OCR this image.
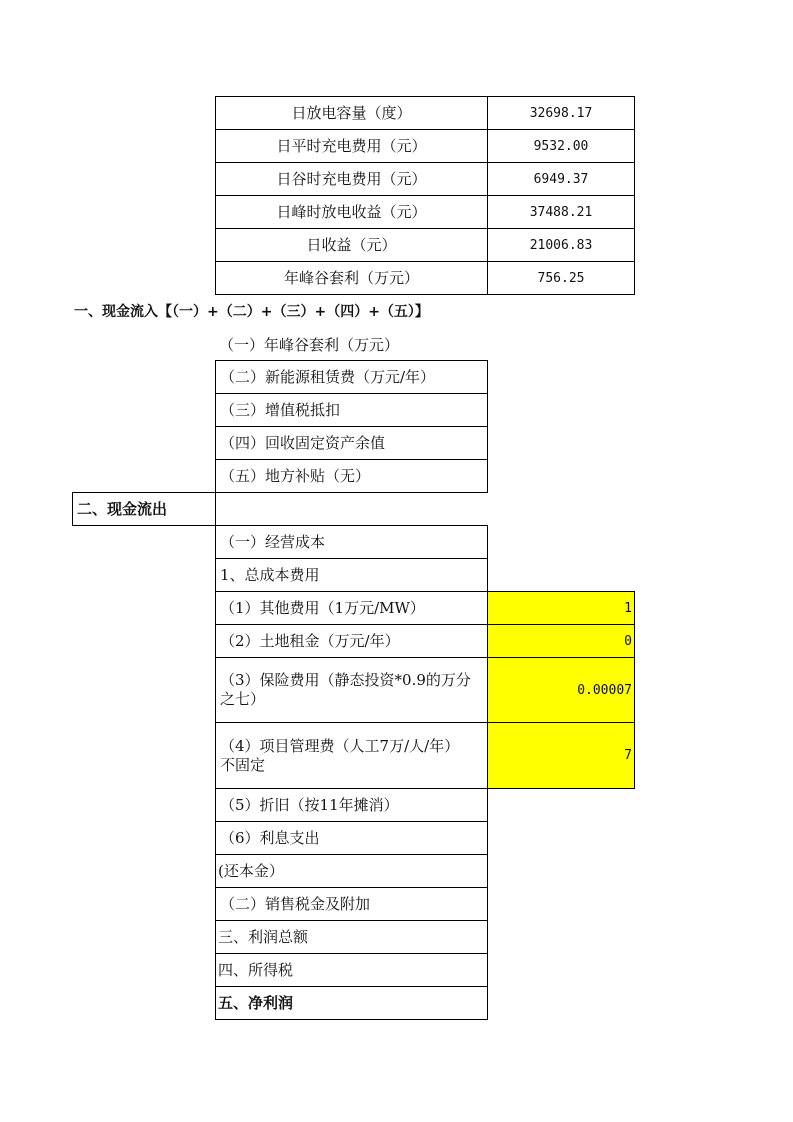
日放电容量（度）	32698.17
日平时充电费用（元）	9532.00
日谷时充电费用（元）	6949.37
日峰时放电收益（元）	37488.21
日收益（元）	21006.83
年峰谷套利（万元）	756.25
一、现金流入【（一）+（二）+（三）+（四）+（五）】
（一）年峰谷套利（万元）
（二）新能源租赁费（万元/年）
（三）增值税抵扣
（四）回收固定资产余值
（五）地方补贴（无）
二、现金流出
（一）经营成本
1、总成本费用
（1）其他费用（1万元/MW）	1
（2）土地租金（万元/年）	0
（3）保险费用（静态投资*0.9的万分之七）	0.00007
（4）项目管理费（人工7万/人/年）不固定	7
（5）折旧（按11年摊消）
（6）利息支出
(还本金）
（二）销售税金及附加
三、利润总额
四、所得税
五、净利润
